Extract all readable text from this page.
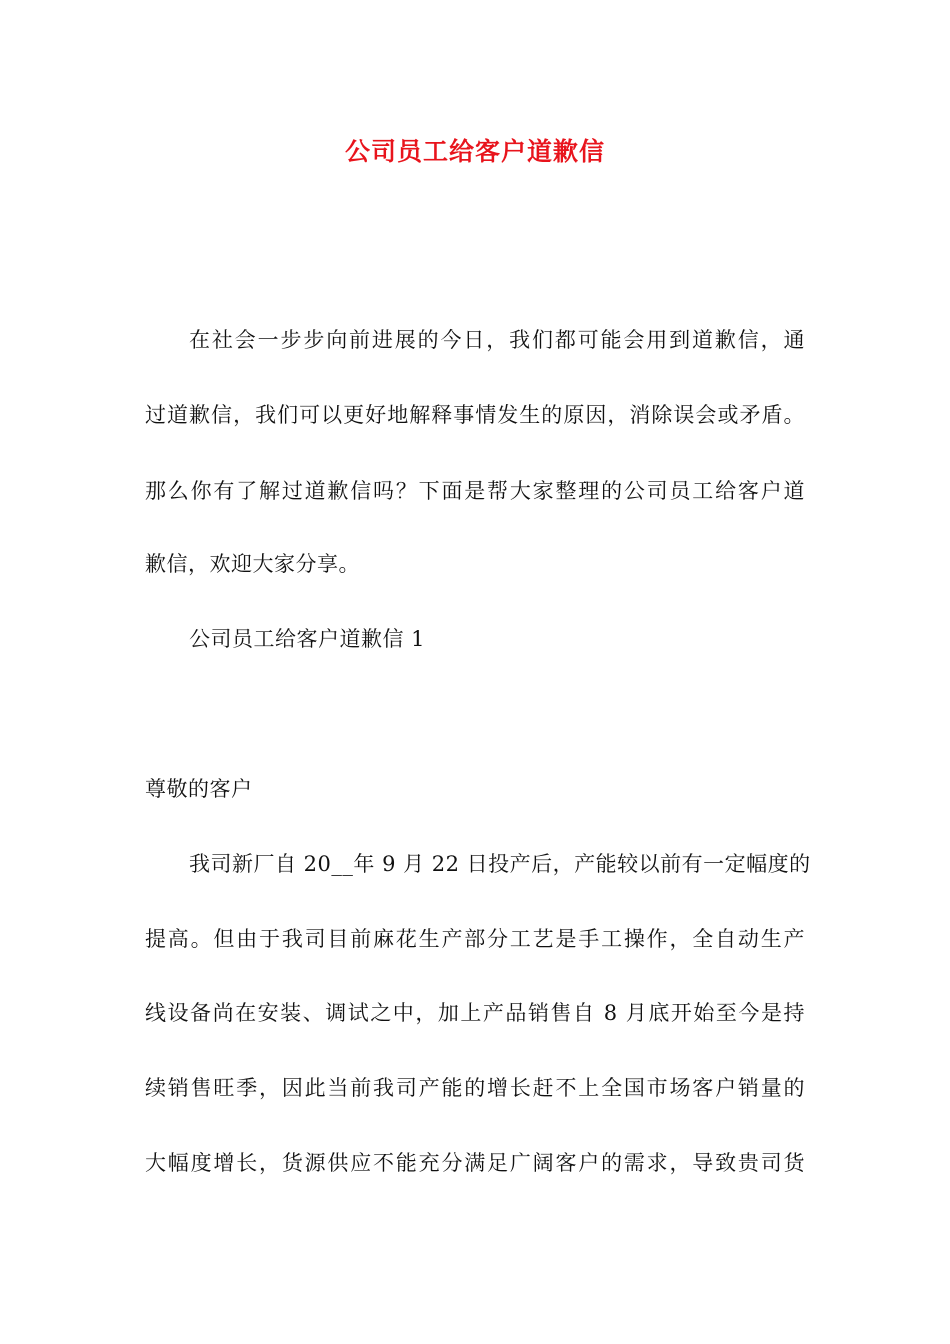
公司员工给客户道歉信
在社会一步步向前进展的今日，我们都可能会用到道歉信，通
过道歉信，我们可以更好地解释事情发生的原因，消除误会或矛盾。
那么你有了解过道歉信吗？下面是帮大家整理的公司员工给客户道
歉信，欢迎大家分享。
公司员工给客户道歉信 1
尊敬的客户
我司新厂自 20__年 9 月 22 日投产后，产能较以前有一定幅度的
提高。但由于我司目前麻花生产部分工艺是手工操作，全自动生产
线设备尚在安装、调试之中，加上产品销售自 8 月底开始至今是持
续销售旺季，因此当前我司产能的增长赶不上全国市场客户销量的
大幅度增长，货源供应不能充分满足广阔客户的需求，导致贵司货
